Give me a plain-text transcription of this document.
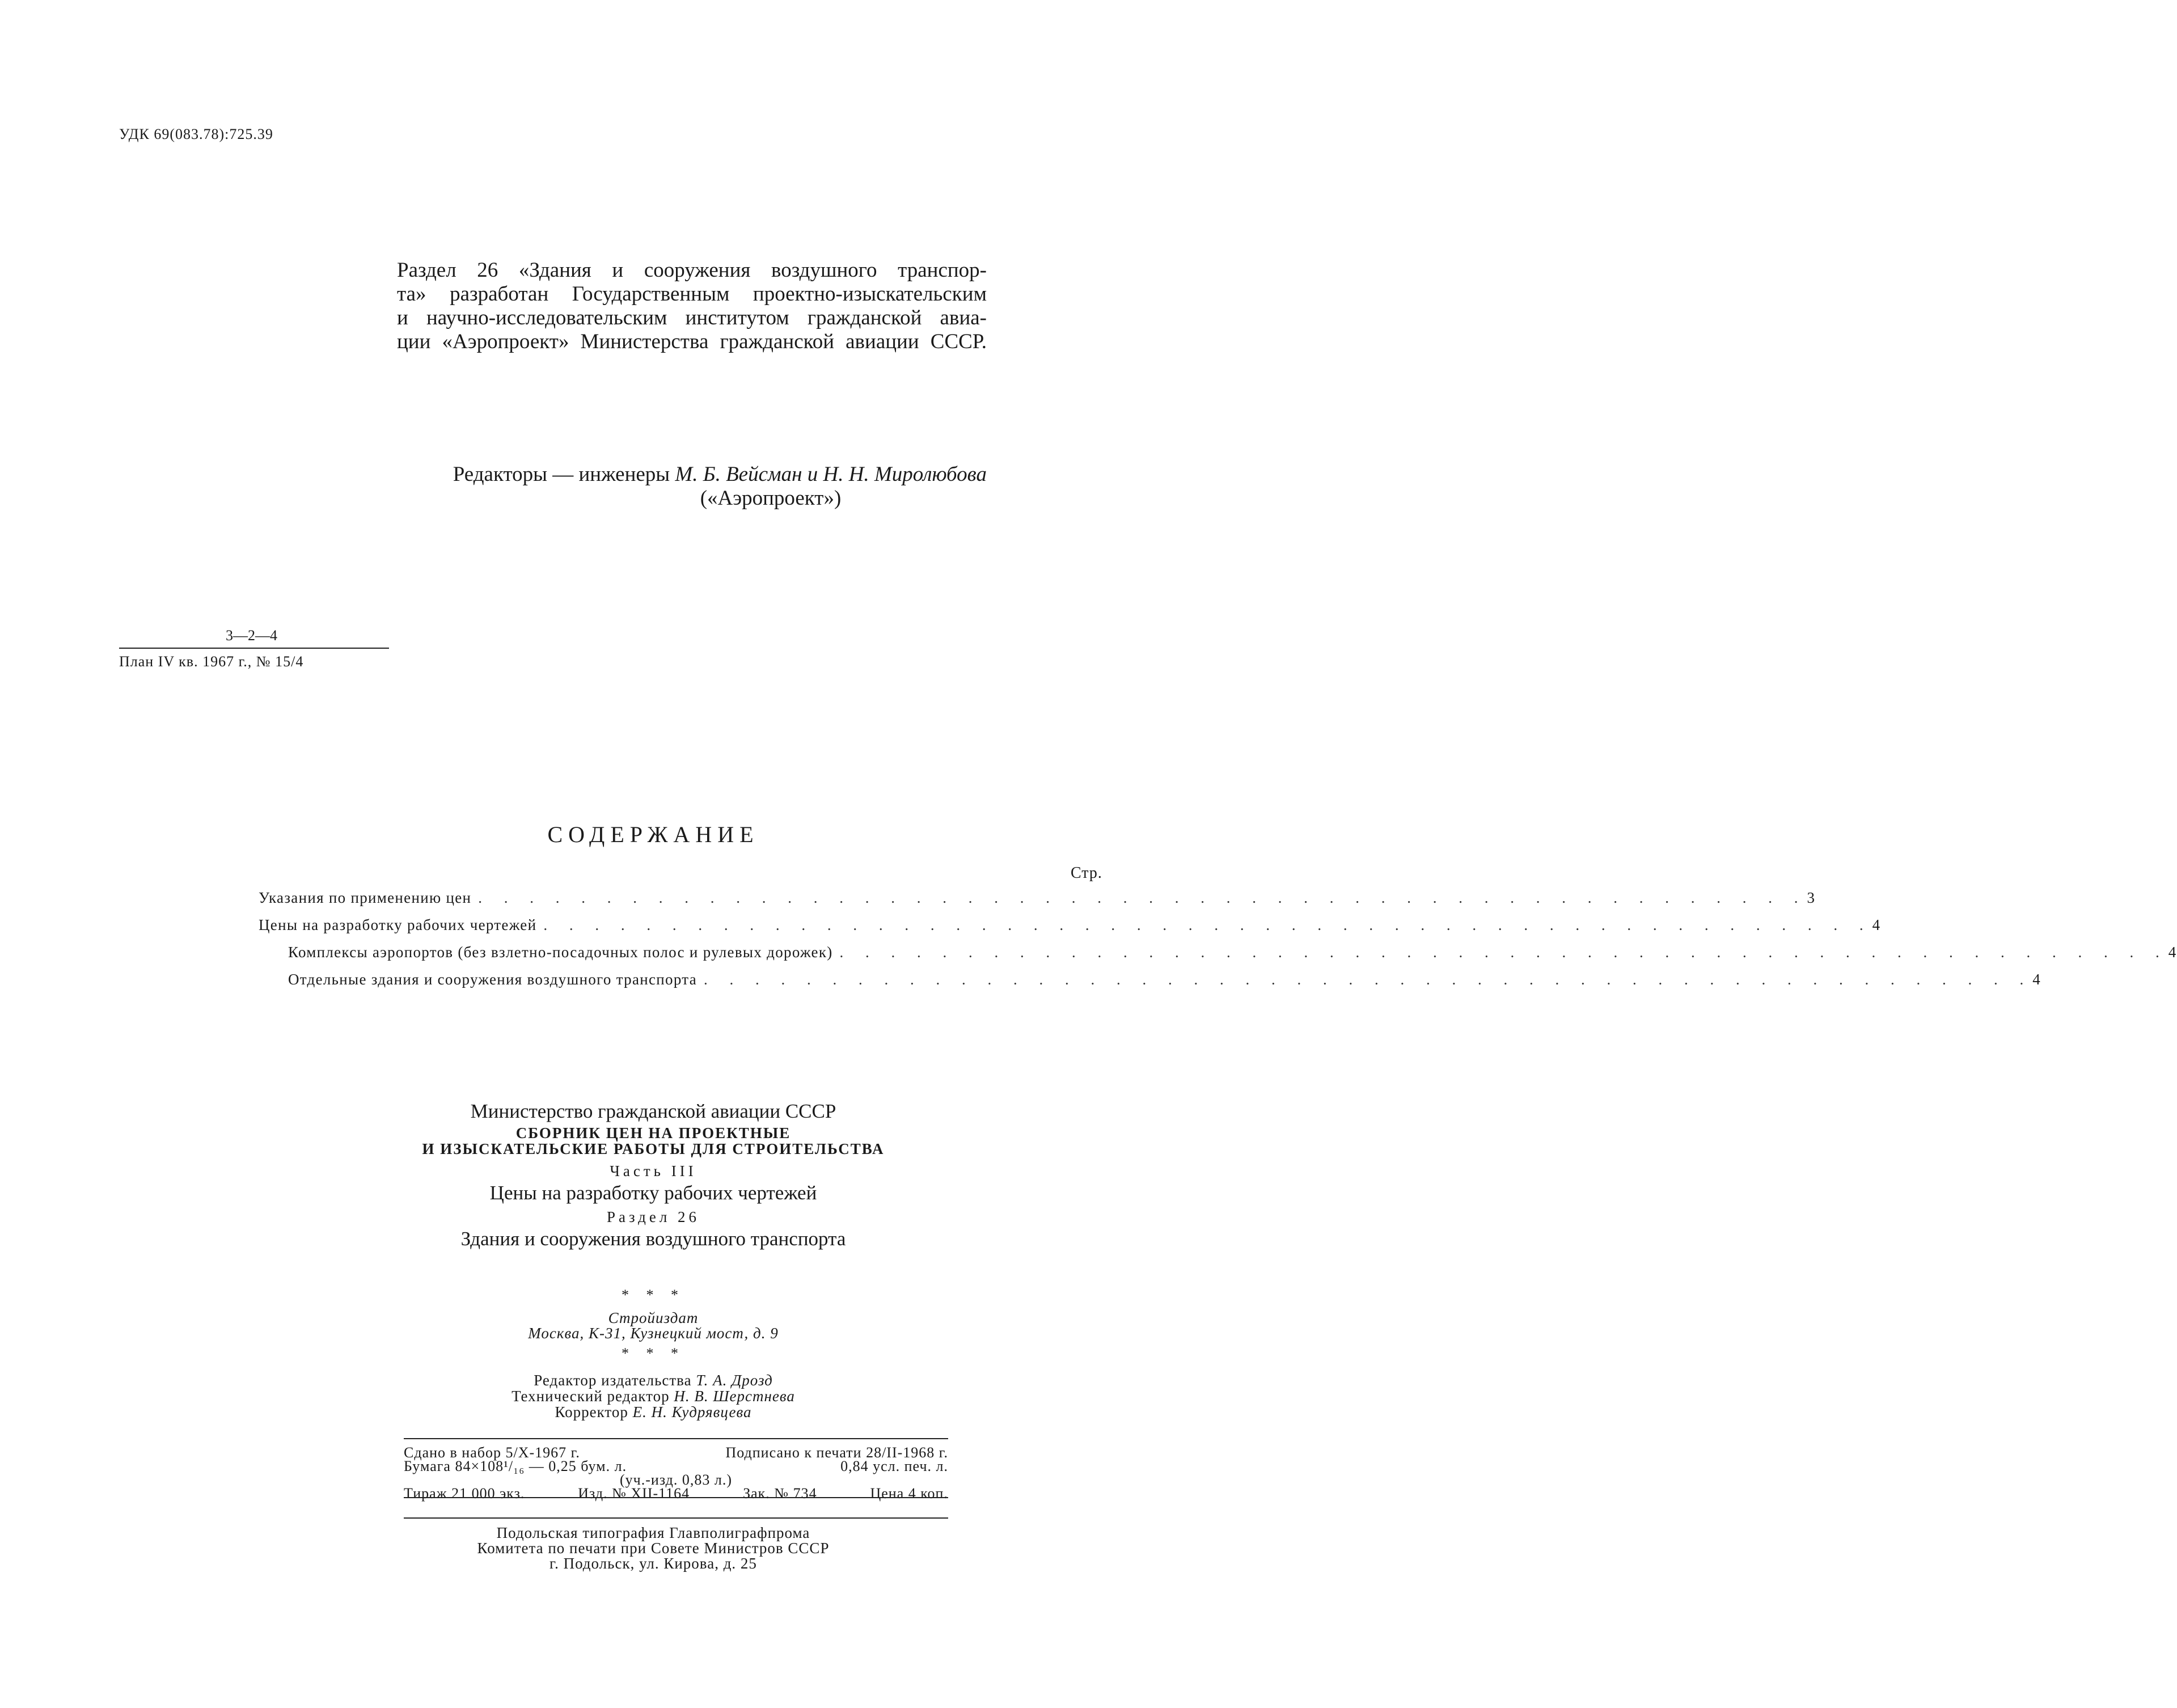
УДК 69(083.78):725.39
Раздел 26 «Здания и сооружения воздушного транспор-
та» разработан Государственным проектно-изыскательским
и научно-исследовательским институтом гражданской авиа-
ции «Аэропроект» Министерства гражданской авиации СССР.
Редакторы — инженеры М. Б. Вейсман и Н. Н. Миролюбова
(«Аэропроект»)
3—2—4
План IV кв. 1967 г., № 15/4
СОДЕРЖАНИЕ
Стр.
Указания по применению цен . . . . . . . . . . . . . . . . . . . . . . . . . . . . . . . . . . . . . . . . . . . . . . . . . . . . 3
Цены на разработку рабочих чертежей . . . . . . . . . . . . . . . . . . . . . . . . . . . . . . . . . . . . . . . . . . . . . . . . . . . . 4
Комплексы аэропортов (без взлетно-посадочных полос и рулевых дорожек) . . . . . . . . . . . . . . . . . . . . . . . . . . . . . . . . . . . . . . . . . . . . . . . . . . . . 4
Отдельные здания и сооружения воздушного транспорта . . . . . . . . . . . . . . . . . . . . . . . . . . . . . . . . . . . . . . . . . . . . . . . . . . . . 4
Министерство гражданской авиации СССР
СБОРНИК ЦЕН НА ПРОЕКТНЫЕ
И ИЗЫСКАТЕЛЬСКИЕ РАБОТЫ ДЛЯ СТРОИТЕЛЬСТВА
Часть III
Цены на разработку рабочих чертежей
Раздел 26
Здания и сооружения воздушного транспорта
* * *
Стройиздат
Москва, К-31, Кузнецкий мост, д. 9
* * *
Редактор издательства Т. А. Дрозд
Технический редактор Н. В. Шерстнева
Корректор Е. Н. Кудрявцева
Сдано в набор 5/X-1967 г.	Подписано к печати 28/II-1968 г.
Бумага 84×108¹/₁₆ — 0,25 бум. л.	0,84 усл. печ. л.
(уч.-изд. 0,83 л.)
Тираж 21 000 экз.	Изд. № XII-1164	Зак. № 734	Цена 4 коп.
Подольская типография Главполиграфпрома
Комитета по печати при Совете Министров СССР
г. Подольск, ул. Кирова, д. 25
